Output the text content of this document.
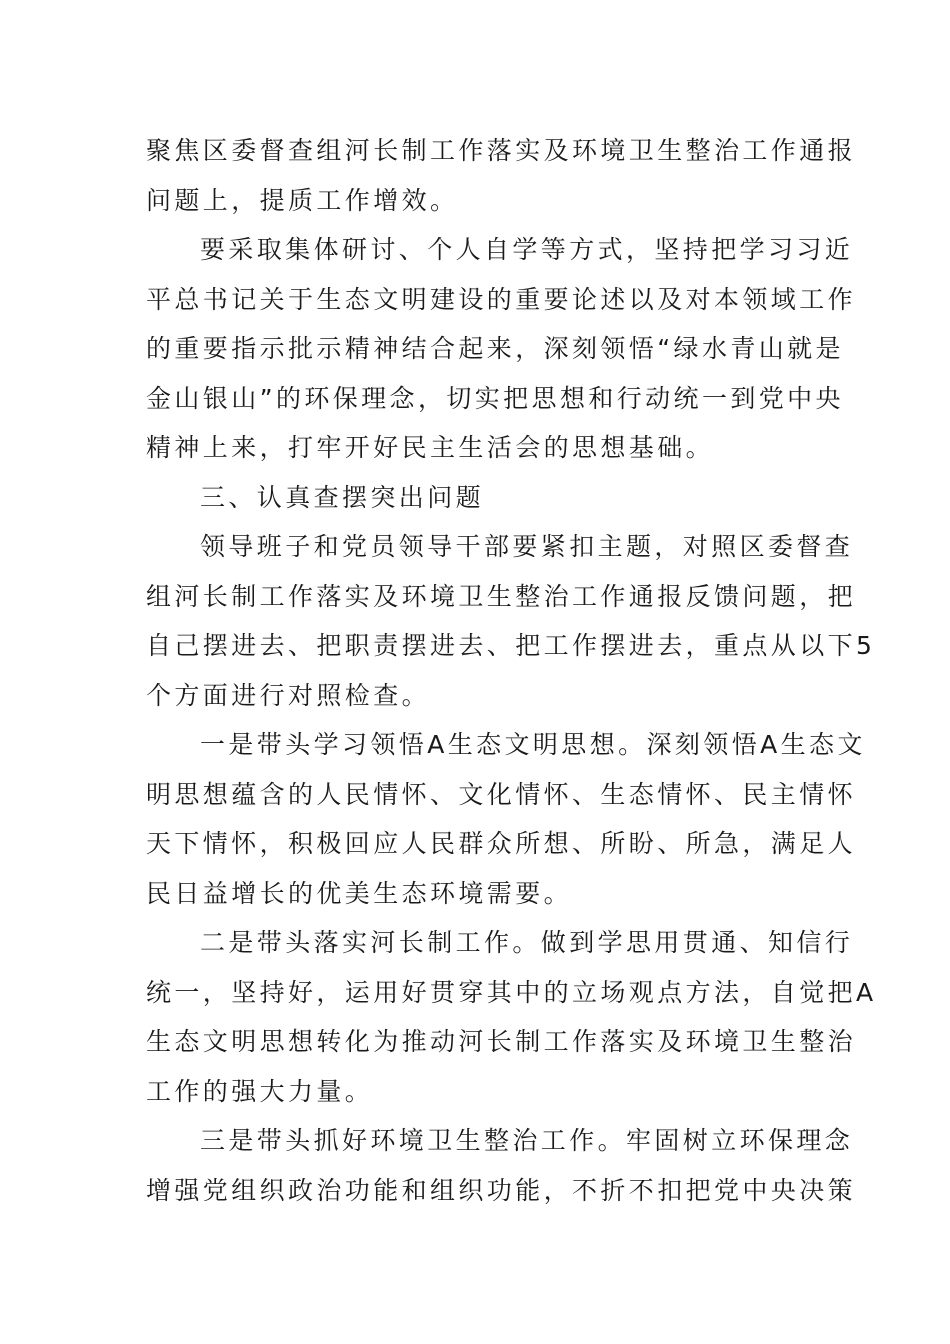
聚焦区委督查组河长制工作落实及环境卫生整治工作通报
问题上，提质工作增效。
要采取集体研讨、个人自学等方式，坚持把学习习近
平总书记关于生态文明建设的重要论述以及对本领域工作
的重要指示批示精神结合起来，深刻领悟“绿水青山就是
金山银山”的环保理念，切实把思想和行动统一到党中央
精神上来，打牢开好民主生活会的思想基础。
三、认真查摆突出问题
领导班子和党员领导干部要紧扣主题，对照区委督查
组河长制工作落实及环境卫生整治工作通报反馈问题，把
自己摆进去、把职责摆进去、把工作摆进去，重点从以下5
个方面进行对照检查。
一是带头学习领悟A生态文明思想。深刻领悟A生态文
明思想蕴含的人民情怀、文化情怀、生态情怀、民主情怀
天下情怀，积极回应人民群众所想、所盼、所急，满足人
民日益增长的优美生态环境需要。
二是带头落实河长制工作。做到学思用贯通、知信行
统一，坚持好，运用好贯穿其中的立场观点方法，自觉把A
生态文明思想转化为推动河长制工作落实及环境卫生整治
工作的强大力量。
三是带头抓好环境卫生整治工作。牢固树立环保理念
增强党组织政治功能和组织功能，不折不扣把党中央决策
